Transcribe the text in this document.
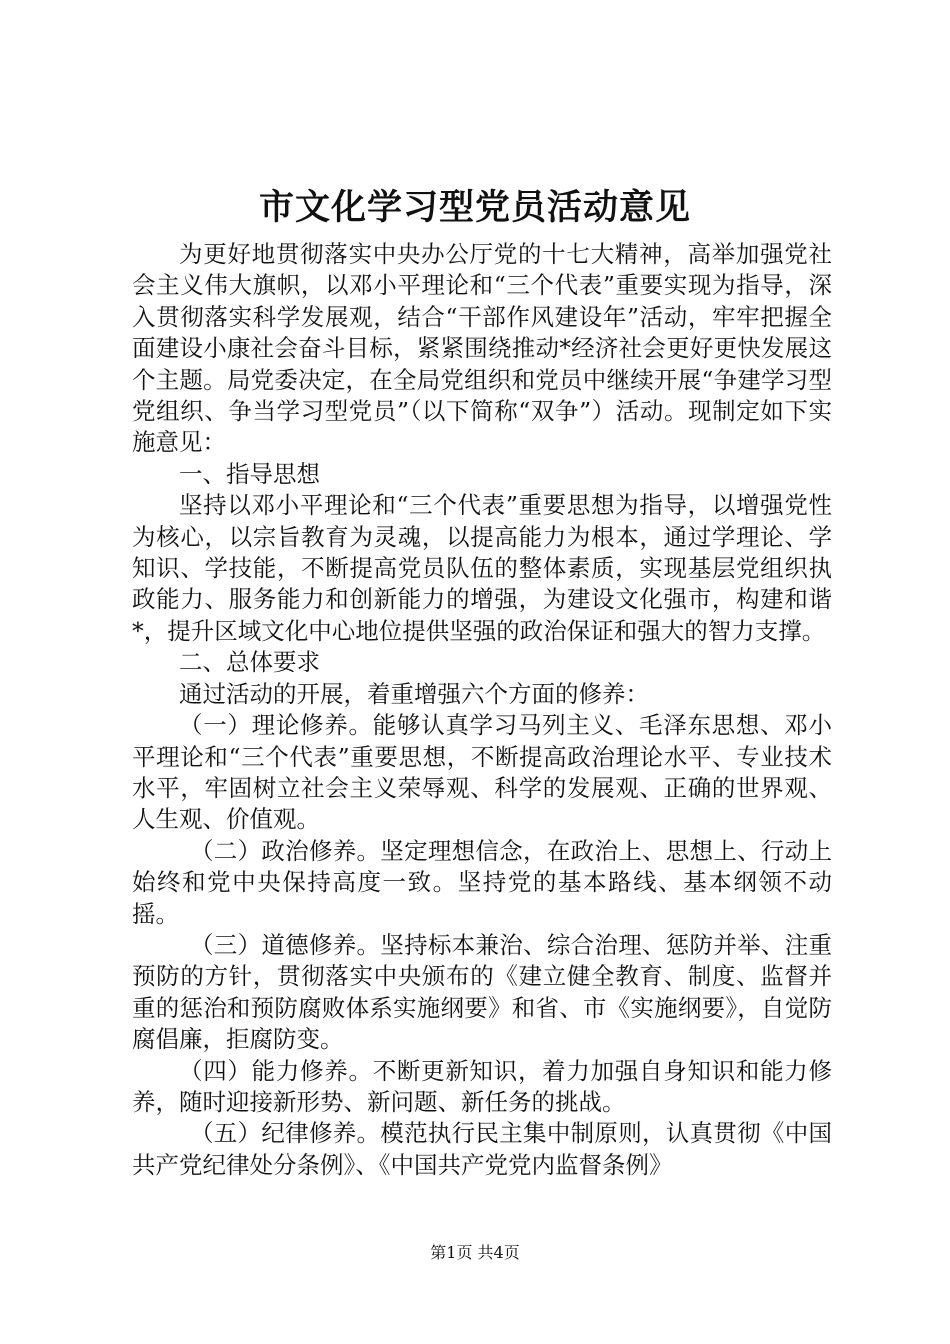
市文化学习型党员活动意见

为更好地贯彻落实中央办公厅党的十七大精神，高举加强党社会主义伟大旗帜，以邓小平理论和“三个代表”重要实现为指导，深入贯彻落实科学发展观，结合“干部作风建设年”活动，牢牢把握全面建设小康社会奋斗目标，紧紧围绕推动*经济社会更好更快发展这个主题。局党委决定，在全局党组织和党员中继续开展“争建学习型党组织、争当学习型党员”（以下简称“双争”）活动。现制定如下实施意见：

一、指导思想

坚持以邓小平理论和“三个代表”重要思想为指导，以增强党性为核心，以宗旨教育为灵魂，以提高能力为根本，通过学理论、学知识、学技能，不断提高党员队伍的整体素质，实现基层党组织执政能力、服务能力和创新能力的增强，为建设文化强市，构建和谐*，提升区域文化中心地位提供坚强的政治保证和强大的智力支撑。

二、总体要求

通过活动的开展，着重增强六个方面的修养：

（一）理论修养。能够认真学习马列主义、毛泽东思想、邓小平理论和“三个代表”重要思想，不断提高政治理论水平、专业技术水平，牢固树立社会主义荣辱观、科学的发展观、正确的世界观、人生观、价值观。

（二）政治修养。坚定理想信念，在政治上、思想上、行动上始终和党中央保持高度一致。坚持党的基本路线、基本纲领不动摇。

（三）道德修养。坚持标本兼治、综合治理、惩防并举、注重预防的方针，贯彻落实中央颁布的《建立健全教育、制度、监督并重的惩治和预防腐败体系实施纲要》和省、市《实施纲要》，自觉防腐倡廉，拒腐防变。

（四）能力修养。不断更新知识，着力加强自身知识和能力修养，随时迎接新形势、新问题、新任务的挑战。

（五）纪律修养。模范执行民主集中制原则，认真贯彻《中国共产党纪律处分条例》、《中国共产党党内监督条例》

第1页 共4页
